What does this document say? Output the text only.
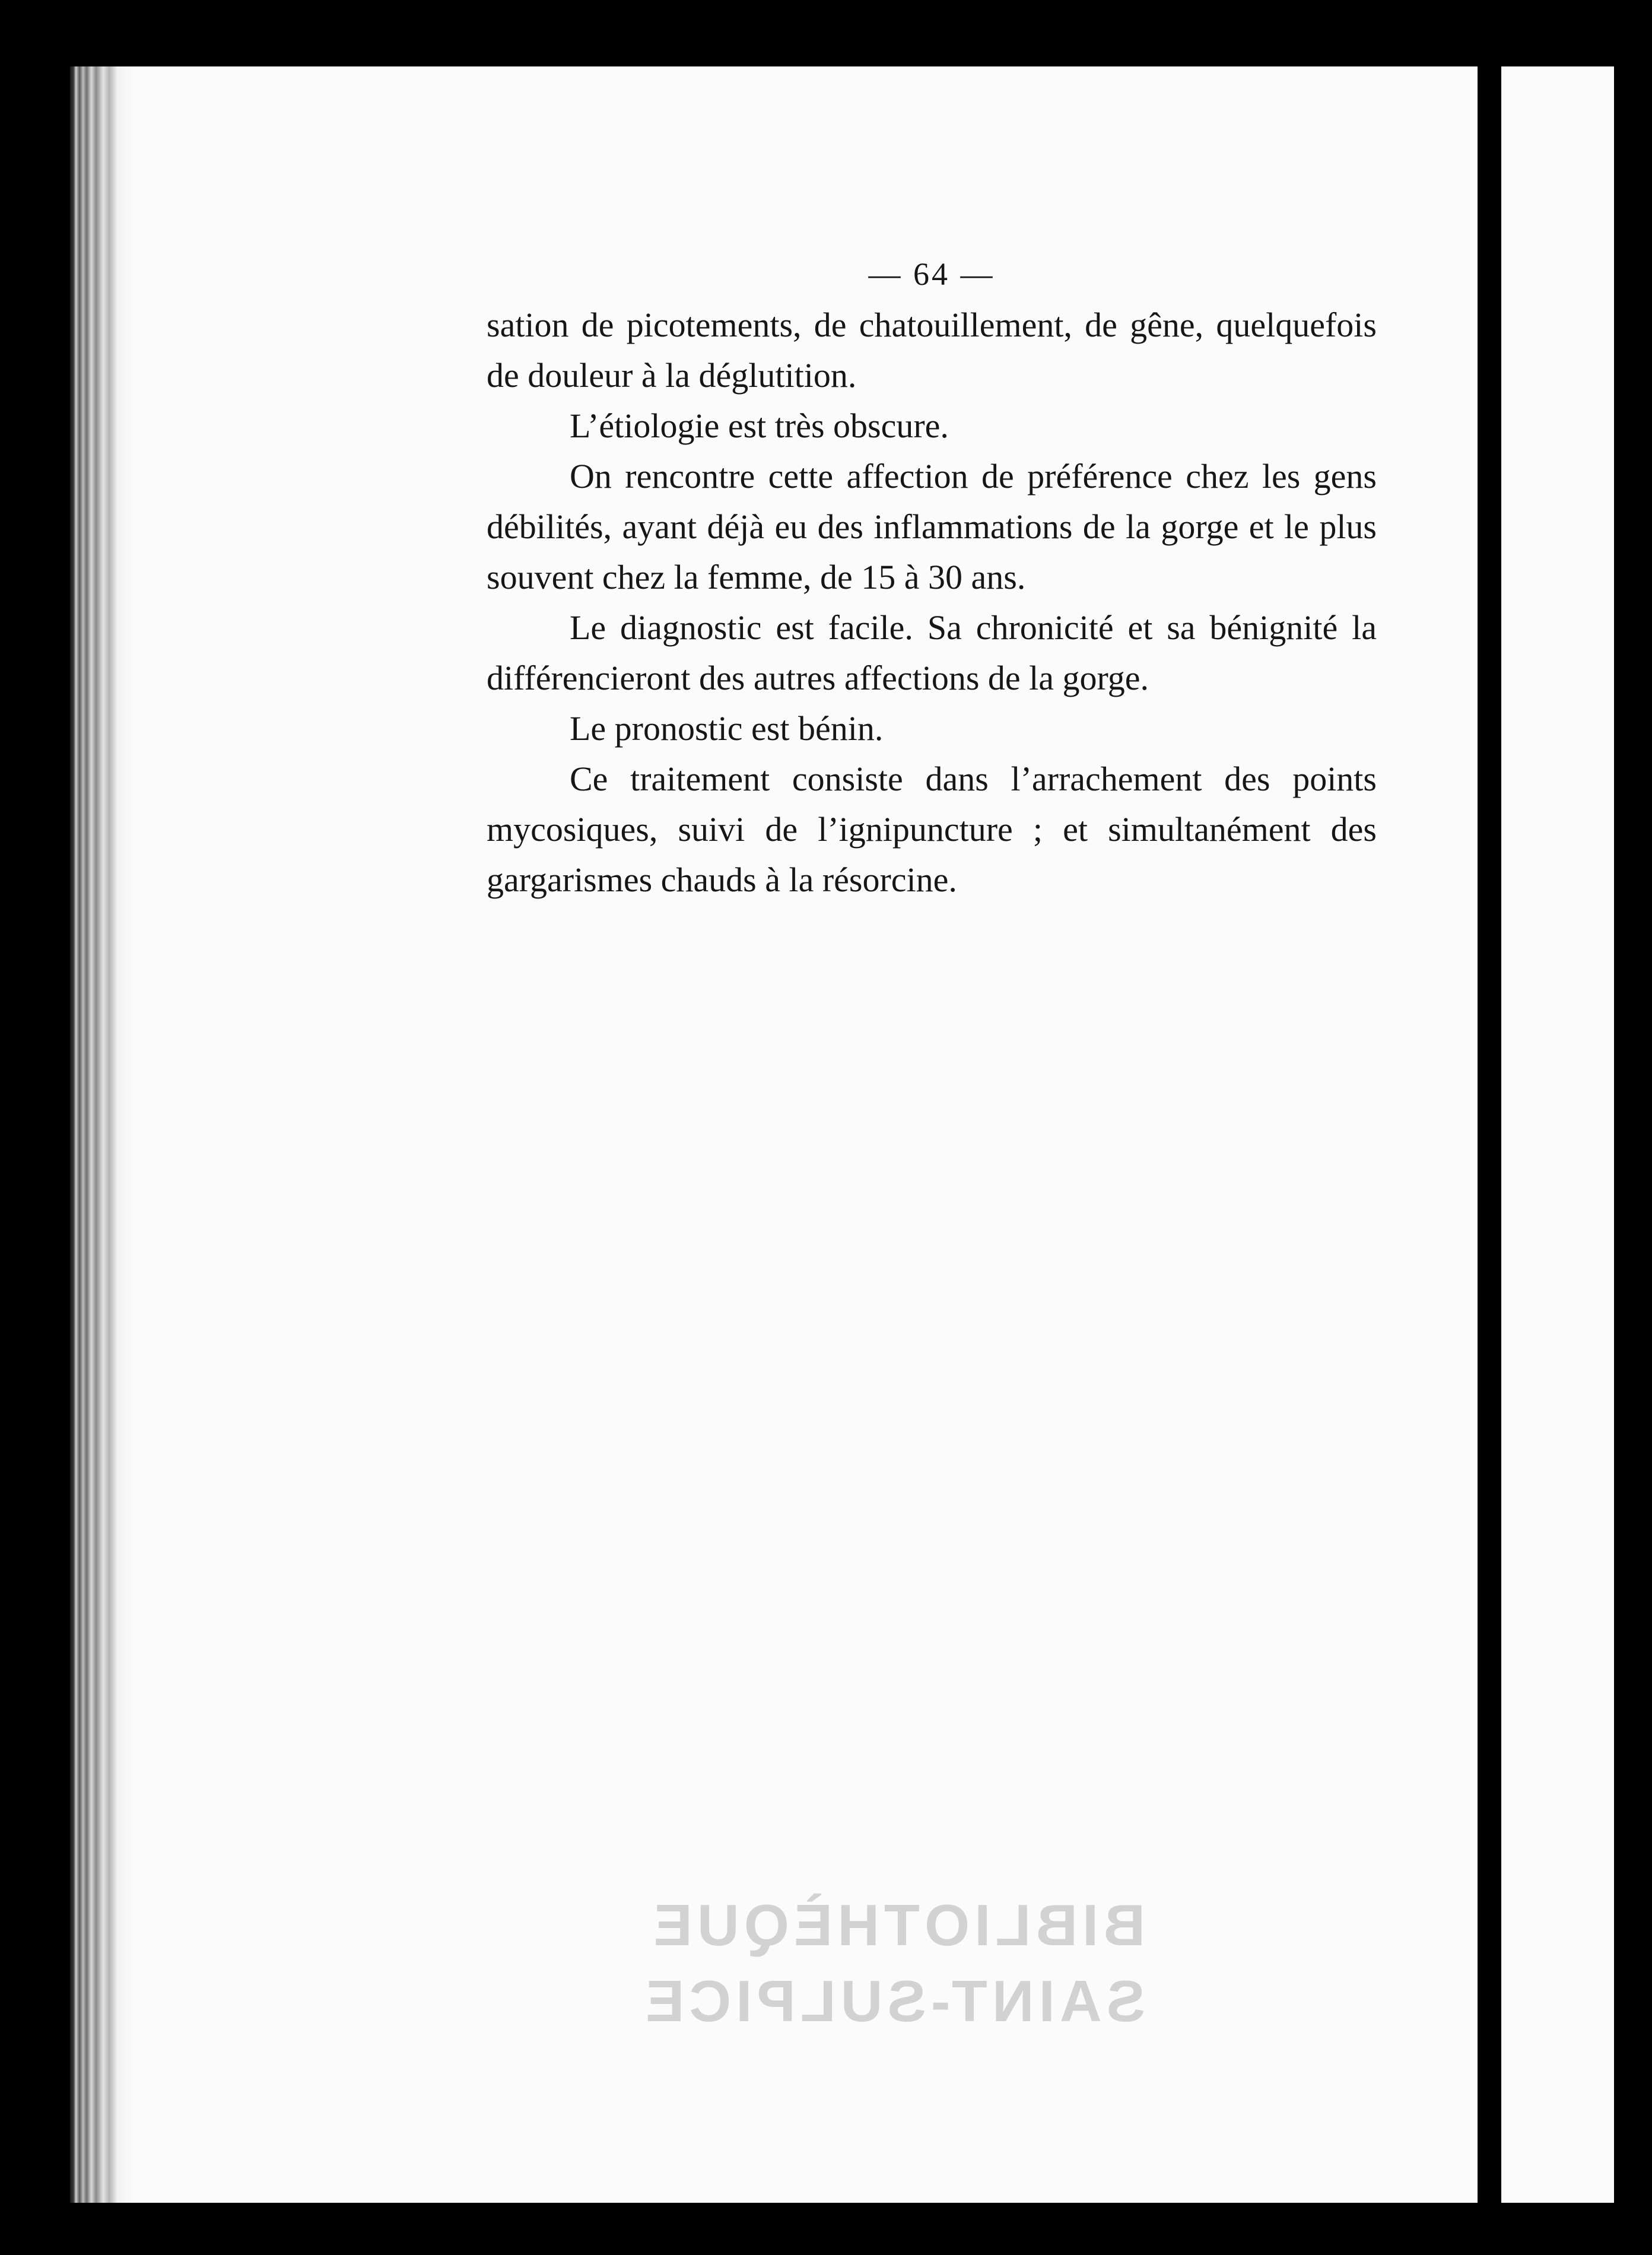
— 64 —

sation de picotements, de chatouillement, de gêne, quelquefois de douleur à la déglutition.

L’étiologie est très obscure.

On rencontre cette affection de préférence chez les gens débilités, ayant déjà eu des inflammations de la gorge et le plus souvent chez la femme, de 15 à 30 ans.

Le diagnostic est facile. Sa chronicité et sa bénignité la différencieront des autres affections de la gorge.

Le pronostic est bénin.

Ce traitement consiste dans l’arrachement des points mycosiques, suivi de l’ignipuncture ; et simultanément des gargarismes chauds à la résorcine.

BIBLIOTHÈQUE
SAINT-SULPICE
